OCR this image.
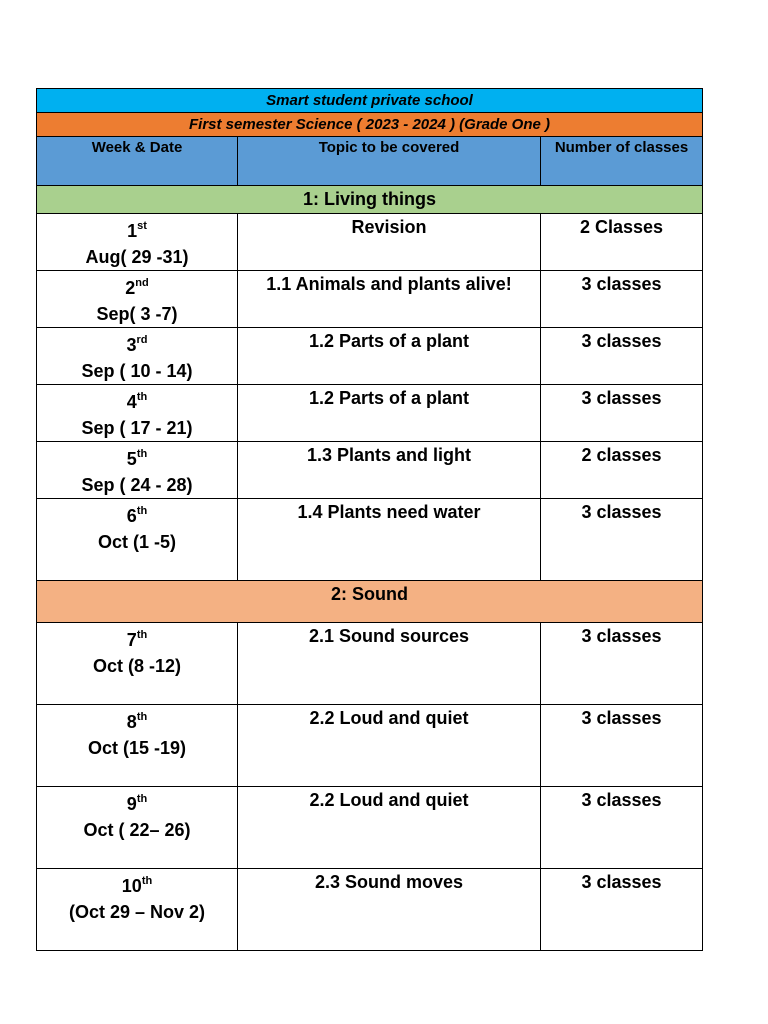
Smart student private school		
First semester Science ( 2023 - 2024 ) (Grade One )		
Week & Date	Topic to be covered	Number of classes
1: Living things		
1st
Aug( 29 -31)	Revision	2 Classes
2nd
Sep( 3 -7)	1.1 Animals and plants alive!	3 classes
3rd
Sep ( 10 - 14)	1.2 Parts of a plant	3 classes
4th
Sep ( 17 - 21)	1.2 Parts of a plant	3 classes
5th
Sep ( 24 - 28)	1.3 Plants and light	2 classes
6th
Oct (1 -5)	1.4 Plants need water	3 classes
2: Sound		
7th
Oct (8 -12)	2.1 Sound sources	3 classes
8th
Oct (15 -19)	2.2 Loud and quiet	3 classes
9th
Oct ( 22– 26)	2.2 Loud and quiet	3 classes
10th
(Oct 29 – Nov 2)	2.3 Sound moves	3 classes
